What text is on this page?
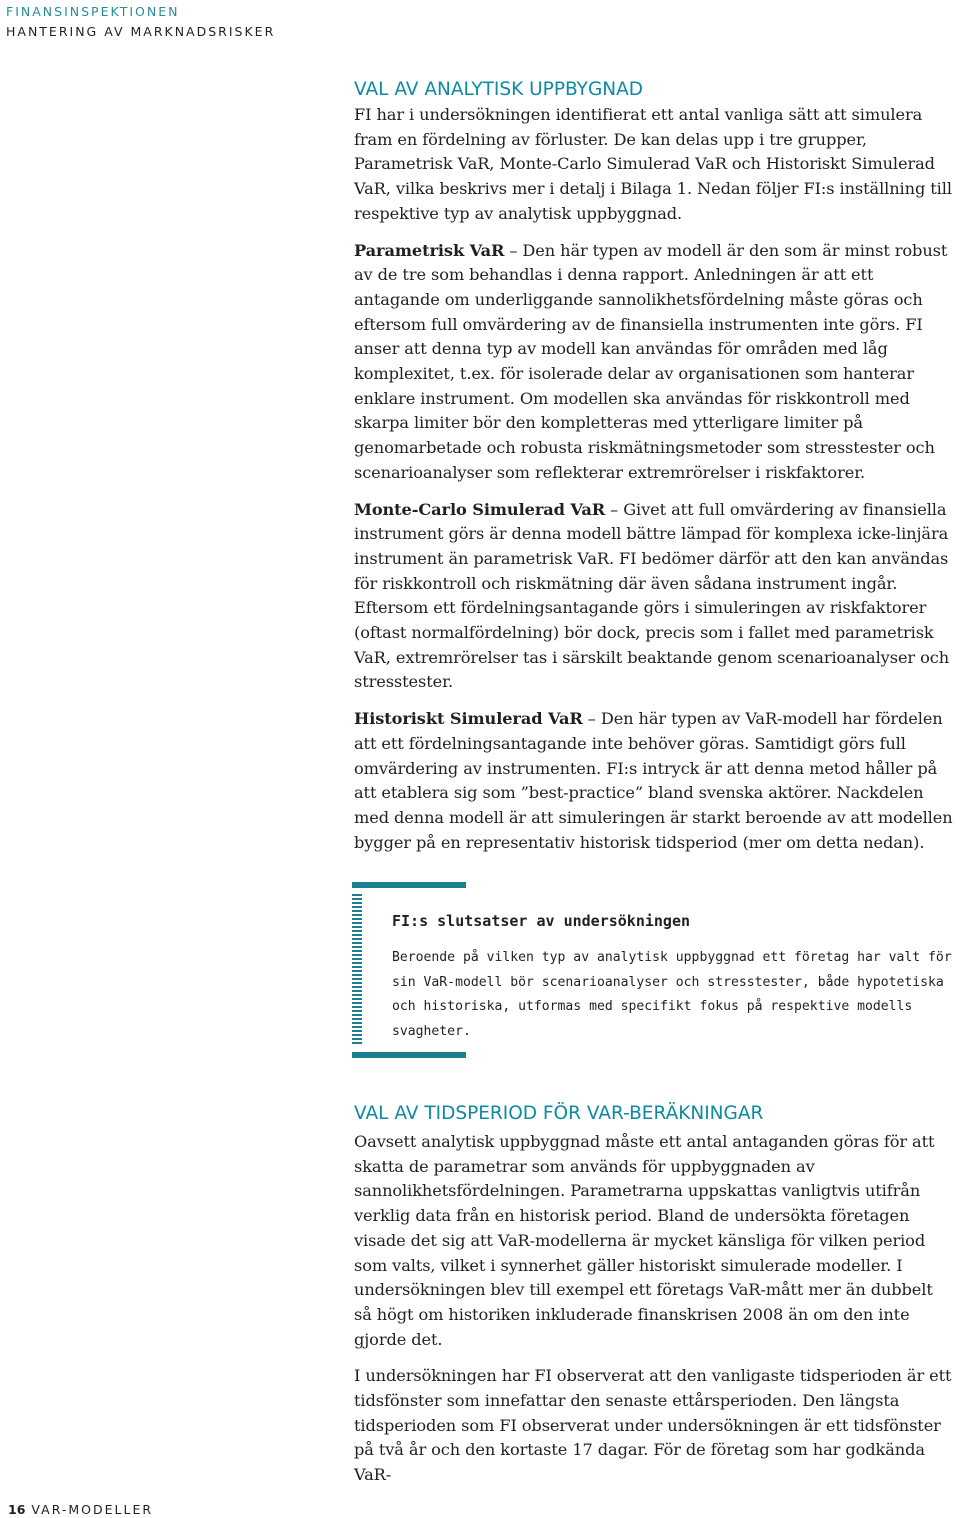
FINANSINSPEKTIONEN
HANTERING AV MARKNADSRISKER
VAL AV ANALYTISK UPPBYGNAD

FI har i undersökningen identifierat ett antal vanliga sätt att simulera fram en fördelning av förluster. De kan delas upp i tre grupper, Parametrisk VaR, Monte-Carlo Simulerad VaR och Historiskt Simulerad VaR, vilka beskrivs mer i detalj i Bilaga 1. Nedan följer FI:s inställning till respektive typ av analytisk uppbyggnad.

Parametrisk VaR – Den här typen av modell är den som är minst robust av de tre som behandlas i denna rapport. Anledningen är att ett antagande om underliggande sannolikhetsfördelning måste göras och eftersom full omvärdering av de finansiella instrumenten inte görs. FI anser att denna typ av modell kan användas för områden med låg komplexitet, t.ex. för isolerade delar av organisationen som hanterar enklare instrument. Om modellen ska användas för riskkontroll med skarpa limiter bör den kompletteras med ytterligare limiter på genomarbetade och robusta riskmätningsmetoder som stresstester och scenarioanalyser som reflekterar extremrörelser i riskfaktorer.

Monte-Carlo Simulerad VaR – Givet att full omvärdering av finansiella instrument görs är denna modell bättre lämpad för komplexa icke-linjära instrument än parametrisk VaR. FI bedömer därför att den kan användas för riskkontroll och riskmätning där även sådana instrument ingår. Eftersom ett fördelningsantagande görs i simuleringen av riskfaktorer (oftast normalfördelning) bör dock, precis som i fallet med parametrisk VaR, extremrörelser tas i särskilt beaktande genom scenarioanalyser och stresstester.

Historiskt Simulerad VaR – Den här typen av VaR-modell har fördelen att ett fördelningsantagande inte behöver göras. Samtidigt görs full omvärdering av instrumenten. FI:s intryck är att denna metod håller på att etablera sig som ”best-practice” bland svenska aktörer. Nackdelen med denna modell är att simuleringen är starkt beroende av att modellen bygger på en representativ historisk tidsperiod (mer om detta nedan).

FI:s slutsatser av undersökningen
Beroende på vilken typ av analytisk uppbyggnad ett företag har valt för sin VaR-modell bör scenarioanalyser och stresstester, både hypotetiska och historiska, utformas med specifikt fokus på respektive modells svagheter.
VAL AV TIDSPERIOD FÖR VAR-BERÄKNINGAR

Oavsett analytisk uppbyggnad måste ett antal antaganden göras för att skatta de parametrar som används för uppbyggnaden av sannolikhetsfördelningen. Parametrarna uppskattas vanligtvis utifrån verklig data från en historisk period. Bland de undersökta företagen visade det sig att VaR-modellerna är mycket känsliga för vilken period som valts, vilket i synnerhet gäller historiskt simulerade modeller. I undersökningen blev till exempel ett företags VaR-mått mer än dubbelt så högt om historiken inkluderade finanskrisen 2008 än om den inte gjorde det.

I undersökningen har FI observerat att den vanligaste tidsperioden är ett tidsfönster som innefattar den senaste ettårsperioden. Den längsta tidsperioden som FI observerat under undersökningen är ett tidsfönster på två år och den kortaste 17 dagar. För de företag som har godkända VaR-

16 VAR-MODELLER
